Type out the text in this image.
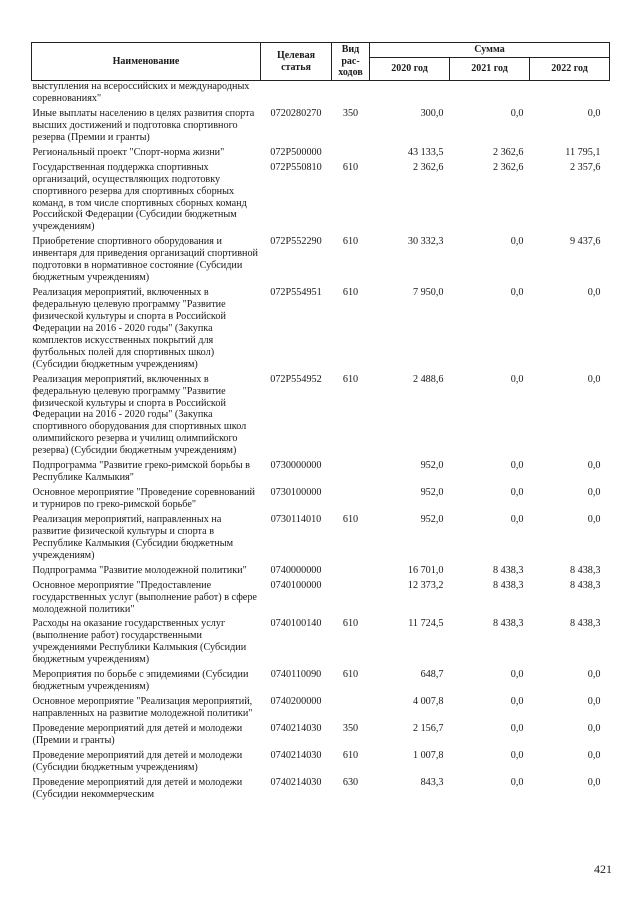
Наименование	Целевая статья	Вид рас-ходов	Сумма		
			2020 год	2021 год	2022 год
выступления на всероссийских и международных соревнованиях"					
Иные выплаты населению в целях развития спорта высших достижений и подготовка спортивного резерва (Премии и гранты)	0720280270	350	300,0	0,0	0,0
Региональный проект "Спорт-норма жизни"	072P500000		43 133,5	2 362,6	11 795,1
Государственная поддержка спортивных организаций, осуществляющих подготовку спортивного резерва для спортивных сборных команд, в том числе спортивных сборных команд Российской Федерации (Субсидии бюджетным учреждениям)	072P550810	610	2 362,6	2 362,6	2 357,6
Приобретение спортивного оборудования и инвентаря для приведения организаций спортивной подготовки в нормативное состояние (Субсидии бюджетным учреждениям)	072P552290	610	30 332,3	0,0	9 437,6
Реализация мероприятий, включенных в федеральную целевую программу "Развитие физической культуры и спорта в Российской Федерации на 2016 - 2020 годы" (Закупка комплектов искусственных покрытий для футбольных полей для спортивных школ) (Субсидии бюджетным учреждениям)	072P554951	610	7 950,0	0,0	0,0
Реализация мероприятий, включенных в федеральную целевую программу "Развитие физической культуры и спорта в Российской Федерации на 2016 - 2020 годы" (Закупка спортивного оборудования для спортивных школ олимпийского резерва и училищ олимпийского резерва) (Субсидии бюджетным учреждениям)	072P554952	610	2 488,6	0,0	0,0
Подпрограмма "Развитие греко-римской борьбы в Республике Калмыкия"	0730000000		952,0	0,0	0,0
Основное мероприятие "Проведение соревнований и турниров по греко-римской борьбе"	0730100000		952,0	0,0	0,0
Реализация мероприятий, направленных на развитие физической культуры и спорта в Республике Калмыкия (Субсидии бюджетным учреждениям)	0730114010	610	952,0	0,0	0,0
Подпрограмма "Развитие молодежной политики"	0740000000		16 701,0	8 438,3	8 438,3
Основное мероприятие "Предоставление государственных услуг (выполнение работ) в сфере молодежной политики"	0740100000		12 373,2	8 438,3	8 438,3
Расходы на оказание государственных услуг (выполнение работ) государственными учреждениями Республики Калмыкия (Субсидии бюджетным учреждениям)	0740100140	610	11 724,5	8 438,3	8 438,3
Мероприятия по борьбе с эпидемиями (Субсидии бюджетным учреждениям)	0740110090	610	648,7	0,0	0,0
Основное мероприятие "Реализация мероприятий, направленных на развитие молодежной политики"	0740200000		4 007,8	0,0	0,0
Проведение мероприятий для детей и молодежи (Премии и гранты)	0740214030	350	2 156,7	0,0	0,0
Проведение мероприятий для детей и молодежи (Субсидии бюджетным учреждениям)	0740214030	610	1 007,8	0,0	0,0
Проведение мероприятий для детей и молодежи (Субсидии некоммерческим	0740214030	630	843,3	0,0	0,0
421
